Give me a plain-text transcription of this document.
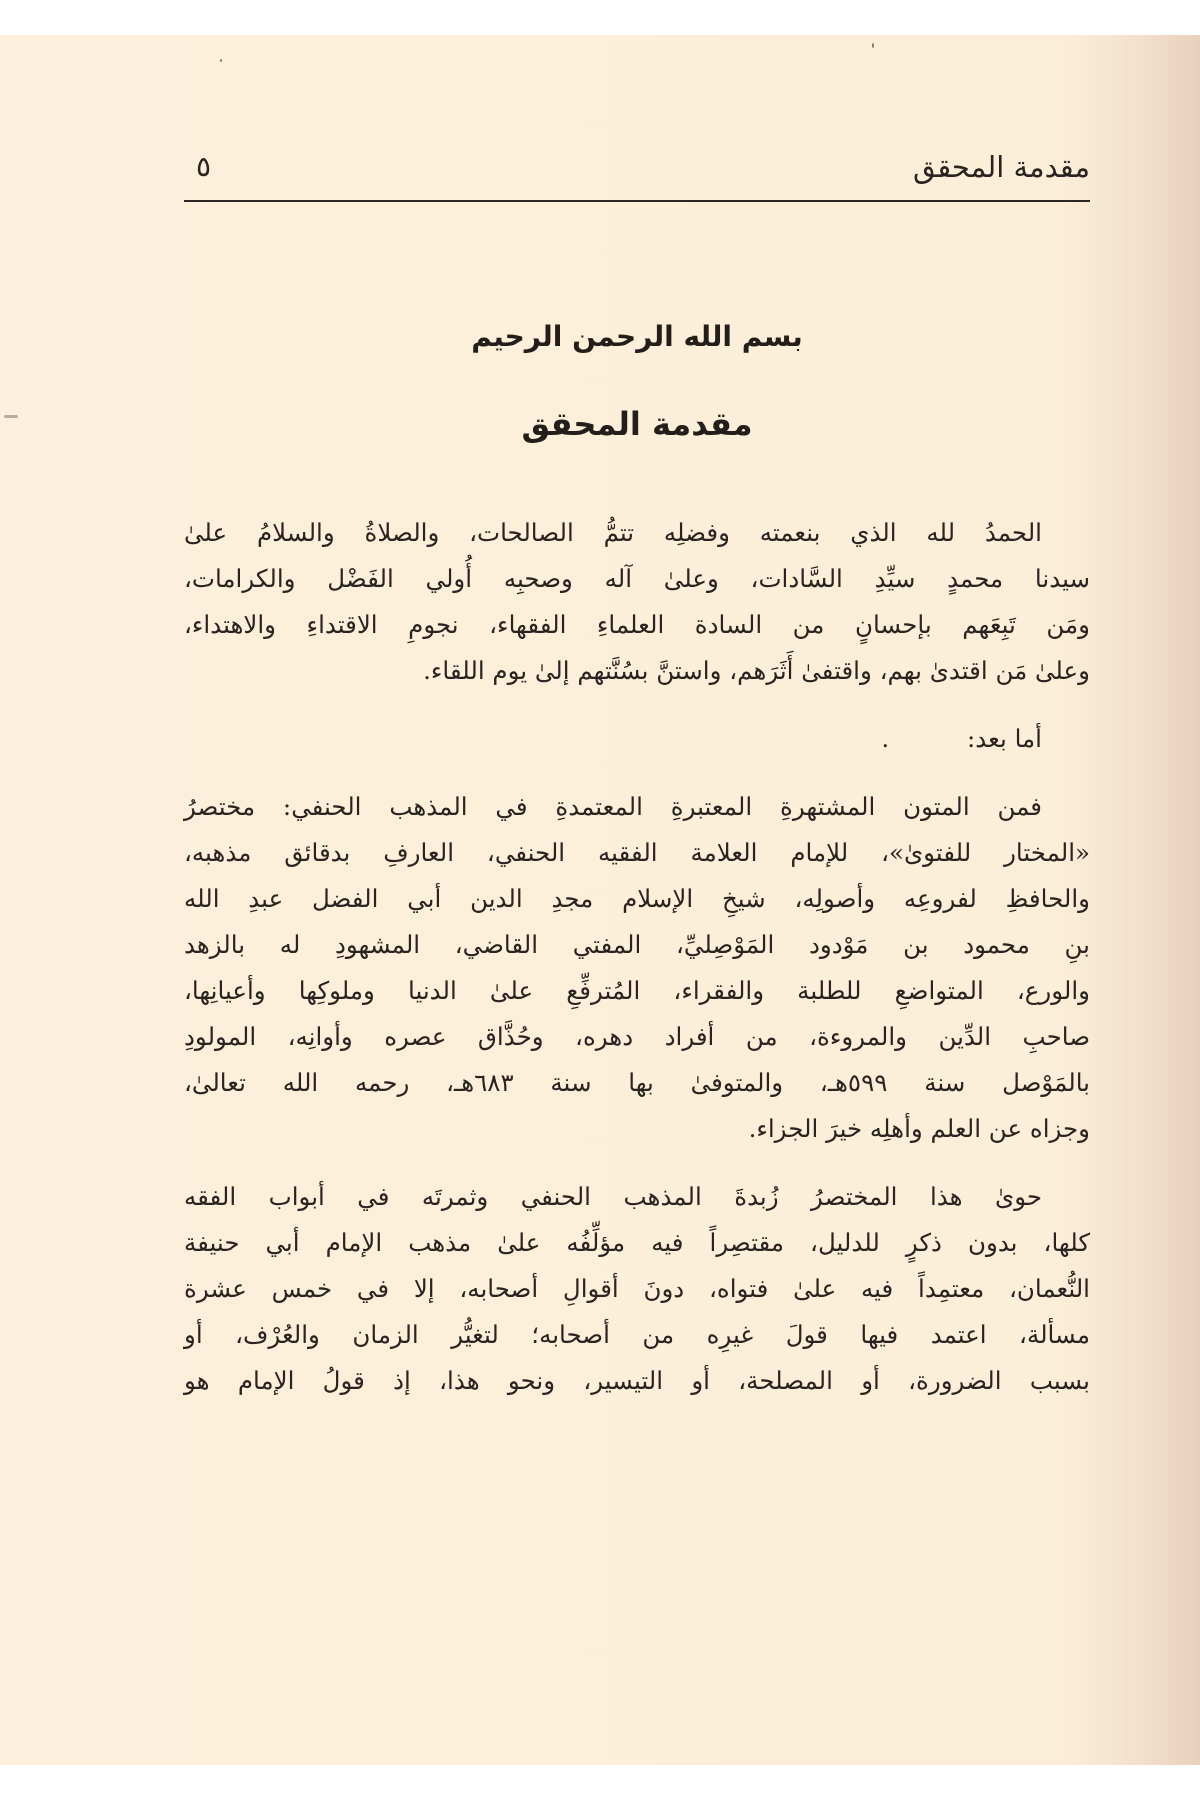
مقدمة المحقق
٥
بسم الله الرحمن الرحيم
مقدمة المحقق
الحمدُ لله الذي بنعمته وفضلِه تتمُّ الصالحات، والصلاةُ والسلامُ علىٰ
سيدنا محمدٍ سيِّدِ السَّادات، وعلىٰ آله وصحبِه أُولي الفَضْل والكرامات،
ومَن تَبِعَهم بإحسانٍ من السادة العلماءِ الفقهاء، نجومِ الاقتداءِ والاهتداء،
وعلىٰ مَن اقتدىٰ بهم، واقتفىٰ أَثَرَهم، واستنَّ بسُنَّتهم إلىٰ يوم اللقاء.
أما بعد:          .
فمن المتون المشتهرةِ المعتبرةِ المعتمدةِ في المذهب الحنفي: مختصرُ
«المختار للفتوىٰ»، للإمام العلامة الفقيه الحنفي، العارفِ بدقائق مذهبه،
والحافظِ لفروعِه وأصولِه، شيخِ الإسلام مجدِ الدين أبي الفضل عبدِ الله
بنِ محمود بن مَوْدود المَوْصِليِّ، المفتي القاضي، المشهودِ له بالزهد
والورع، المتواضعِ للطلبة والفقراء، المُترفِّعِ علىٰ الدنيا وملوكِها وأعيانِها،
صاحبِ الدِّين والمروءة، من أفراد دهره، وحُذَّاق عصره وأوانِه، المولودِ
بالمَوْصل سنة ٥٩٩هـ، والمتوفىٰ بها سنة ٦٨٣هـ، رحمه الله تعالىٰ،
وجزاه عن العلم وأهلِه خيرَ الجزاء.
حوىٰ هذا المختصرُ زُبدةَ المذهب الحنفي وثمرتَه في أبواب الفقه
كلها، بدون ذكرٍ للدليل، مقتصِراً فيه مؤلِّفُه علىٰ مذهب الإمام أبي حنيفة
النُّعمان، معتمِداً فيه علىٰ فتواه، دونَ أقوالِ أصحابه، إلا في خمس عشرة
مسألة، اعتمد فيها قولَ غيرِه من أصحابه؛ لتغيُّر الزمان والعُرْف، أو
بسبب الضرورة، أو المصلحة، أو التيسير، ونحو هذا، إذ قولُ الإمام هو
